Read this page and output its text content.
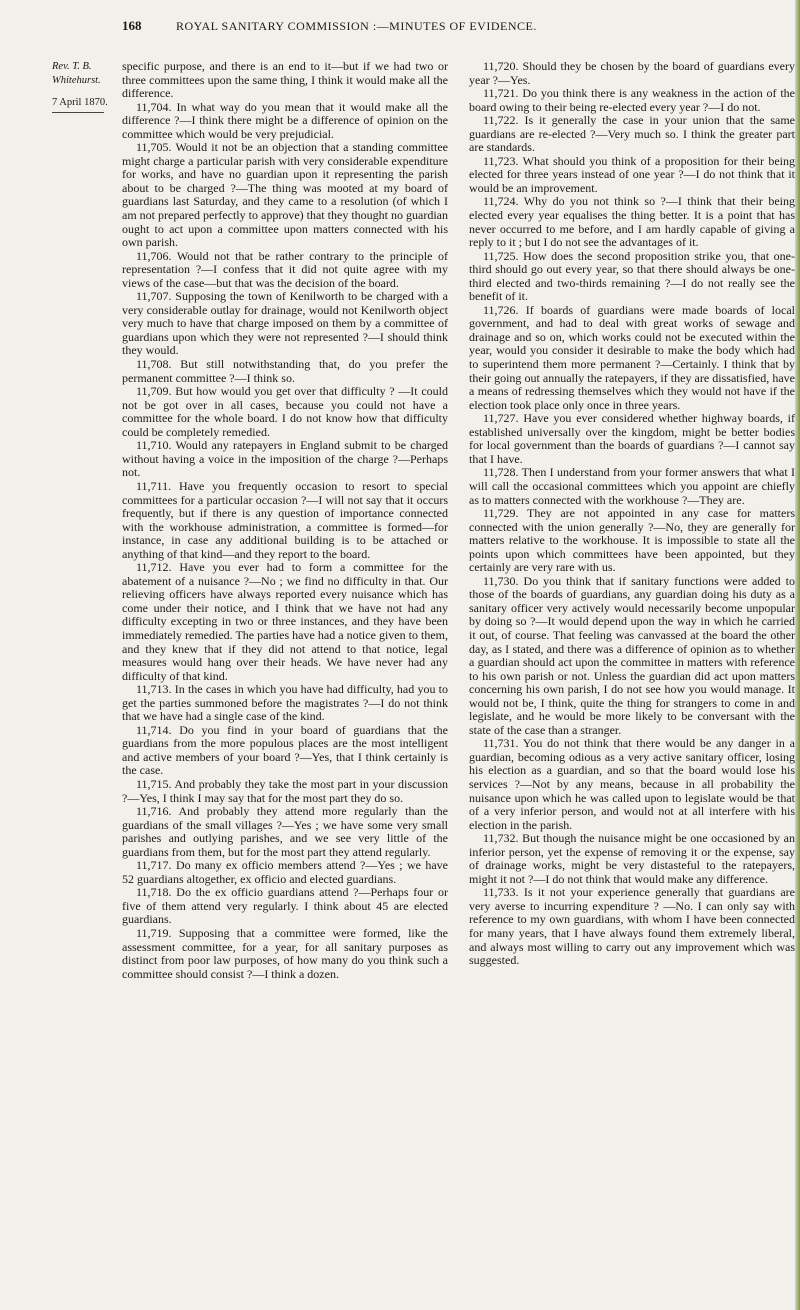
168	ROYAL SANITARY COMMISSION :—MINUTES OF EVIDENCE.
Rev. T. B. Whitehurst.
7 April 1870.

specific purpose, and there is an end to it—but if we had two or three committees upon the same thing, I think it would make all the difference.

11,704. In what way do you mean that it would make all the difference ?—I think there might be a difference of opinion on the committee which would be very prejudicial.

11,705. Would it not be an objection that a standing committee might charge a particular parish with very considerable expenditure for works, and have no guardian upon it representing the parish about to be charged ?—The thing was mooted at my board of guardians last Saturday, and they came to a resolution (of which I am not prepared perfectly to approve) that they thought no guardian ought to act upon a committee upon matters connected with his own parish.

11,706. Would not that be rather contrary to the principle of representation ?—I confess that it did not quite agree with my views of the case—but that was the decision of the board.

11,707. Supposing the town of Kenilworth to be charged with a very considerable outlay for drainage, would not Kenilworth object very much to have that charge imposed on them by a committee of guardians upon which they were not represented ?—I should think they would.

11,708. But still notwithstanding that, do you prefer the permanent committee ?—I think so.

11,709. But how would you get over that difficulty ? —It could not be got over in all cases, because you could not have a committee for the whole board. I do not know how that difficulty could be completely remedied.

11,710. Would any ratepayers in England submit to be charged without having a voice in the imposition of the charge ?—Perhaps not.

11,711. Have you frequently occasion to resort to special committees for a particular occasion ?—I will not say that it occurs frequently, but if there is any question of importance connected with the workhouse administration, a committee is formed—for instance, in case any additional building is to be attached or anything of that kind—and they report to the board.

11,712. Have you ever had to form a committee for the abatement of a nuisance ?—No ; we find no difficulty in that. Our relieving officers have always reported every nuisance which has come under their notice, and I think that we have not had any difficulty excepting in two or three instances, and they have been immediately remedied. The parties have had a notice given to them, and they knew that if they did not attend to that notice, legal measures would hang over their heads. We have never had any difficulty of that kind.

11,713. In the cases in which you have had difficulty, had you to get the parties summoned before the magistrates ?—I do not think that we have had a single case of the kind.

11,714. Do you find in your board of guardians that the guardians from the more populous places are the most intelligent and active members of your board ?—Yes, that I think certainly is the case.

11,715. And probably they take the most part in your discussion ?—Yes, I think I may say that for the most part they do so.

11,716. And probably they attend more regularly than the guardians of the small villages ?—Yes ; we have some very small parishes and outlying parishes, and we see very little of the guardians from them, but for the most part they attend regularly.

11,717. Do many ex officio members attend ?—Yes ; we have 52 guardians altogether, ex officio and elected guardians.

11,718. Do the ex officio guardians attend ?—Perhaps four or five of them attend very regularly. I think about 45 are elected guardians.

11,719. Supposing that a committee were formed, like the assessment committee, for a year, for all sanitary purposes as distinct from poor law purposes, of how many do you think such a committee should consist ?—I think a dozen.

11,720. Should they be chosen by the board of guardians every year ?—Yes.

11,721. Do you think there is any weakness in the action of the board owing to their being re-elected every year ?—I do not.

11,722. Is it generally the case in your union that the same guardians are re-elected ?—Very much so. I think the greater part are standards.

11,723. What should you think of a proposition for their being elected for three years instead of one year ?—I do not think that it would be an improvement.

11,724. Why do you not think so ?—I think that their being elected every year equalises the thing better. It is a point that has never occurred to me before, and I am hardly capable of giving a reply to it ; but I do not see the advantages of it.

11,725. How does the second proposition strike you, that one-third should go out every year, so that there should always be one-third elected and two-thirds remaining ?—I do not really see the benefit of it.

11,726. If boards of guardians were made boards of local government, and had to deal with great works of sewage and drainage and so on, which works could not be executed within the year, would you consider it desirable to make the body which had to superintend them more permanent ?—Certainly. I think that by their going out annually the ratepayers, if they are dissatisfied, have a means of redressing themselves which they would not have if the election took place only once in three years.

11,727. Have you ever considered whether highway boards, if established universally over the kingdom, might be better bodies for local government than the boards of guardians ?—I cannot say that I have.

11,728. Then I understand from your former answers that what I will call the occasional committees which you appoint are chiefly as to matters connected with the workhouse ?—They are.

11,729. They are not appointed in any case for matters connected with the union generally ?—No, they are generally for matters relative to the workhouse. It is impossible to state all the points upon which committees have been appointed, but they certainly are very rare with us.

11,730. Do you think that if sanitary functions were added to those of the boards of guardians, any guardian doing his duty as a sanitary officer very actively would necessarily become unpopular by doing so ?—It would depend upon the way in which he carried it out, of course. That feeling was canvassed at the board the other day, as I stated, and there was a difference of opinion as to whether a guardian should act upon the committee in matters with reference to his own parish or not. Unless the guardian did act upon matters concerning his own parish, I do not see how you would manage. It would not be, I think, quite the thing for strangers to come in and legislate, and he would be more likely to be conversant with the state of the case than a stranger.

11,731. You do not think that there would be any danger in a guardian, becoming odious as a very active sanitary officer, losing his election as a guardian, and so that the board would lose his services ?—Not by any means, because in all probability the nuisance upon which he was called upon to legislate would be that of a very inferior person, and would not at all interfere with his election in the parish.

11,732. But though the nuisance might be one occasioned by an inferior person, yet the expense of removing it or the expense, say of drainage works, might be very distasteful to the ratepayers, might it not ?—I do not think that would make any difference.

11,733. Is it not your experience generally that guardians are very averse to incurring expenditure ? —No. I can only say with reference to my own guardians, with whom I have been connected for many years, that I have always found them extremely liberal, and always most willing to carry out any improvement which was suggested.
